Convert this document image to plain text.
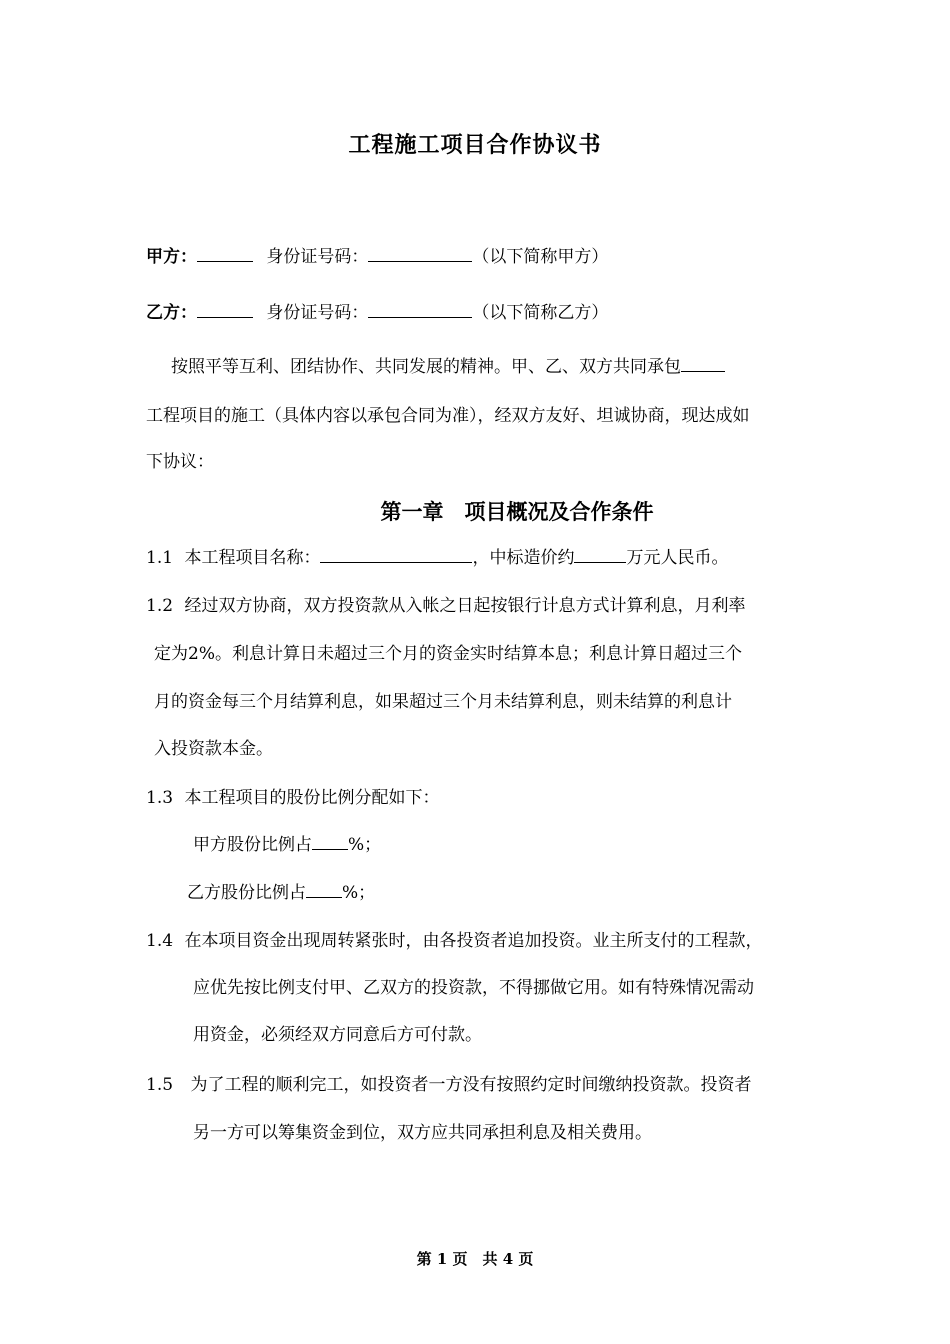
工程施工项目合作协议书
甲方：	身份证号码：	（以下简称甲方）
乙方：	身份证号码：	（以下简称乙方）
按照平等互利、团结协作、共同发展的精神。甲、乙、双方共同承包
工程项目的施工（具体内容以承包合同为准），经双方友好、坦诚协商，现达成如
下协议：
第一章　项目概况及合作条件
1.1 本工程项目名称：	，中标造价约	万元人民币。
1.2 经过双方协商，双方投资款从入帐之日起按银行计息方式计算利息，月利率
定为2%。利息计算日未超过三个月的资金实时结算本息；利息计算日超过三个
月的资金每三个月结算利息，如果超过三个月未结算利息，则未结算的利息计
入投资款本金。
1.3 本工程项目的股份比例分配如下：
甲方股份比例占 %；
乙方股份比例占 %；
1.4 在本项目资金出现周转紧张时，由各投资者追加投资。业主所支付的工程款，
应优先按比例支付甲、乙双方的投资款，不得挪做它用。如有特殊情况需动
用资金，必须经双方同意后方可付款。
1.5 为了工程的顺利完工，如投资者一方没有按照约定时间缴纳投资款。投资者
另一方可以筹集资金到位，双方应共同承担利息及相关费用。
第 1 页　共 4 页
